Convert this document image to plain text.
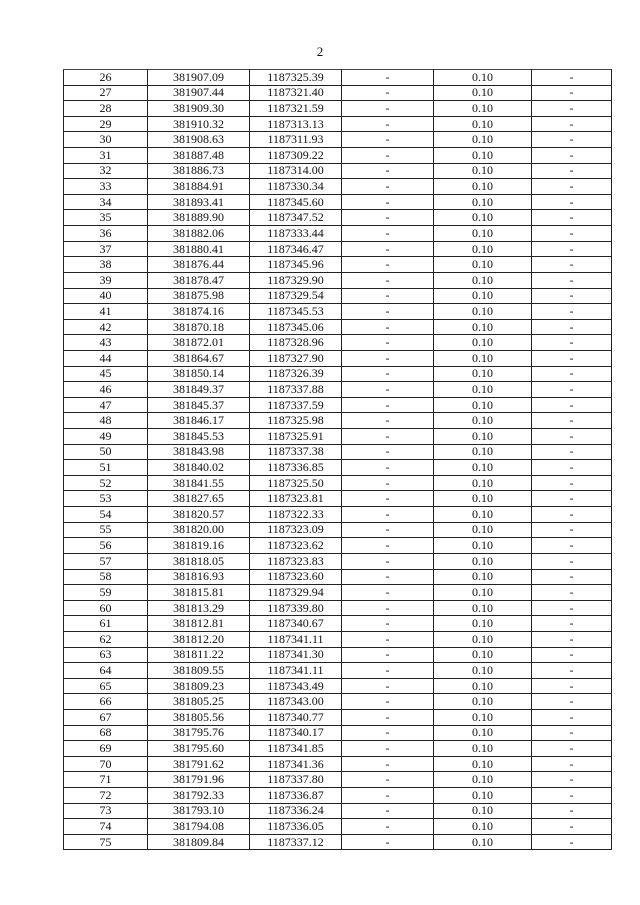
2
26	381907.09	1187325.39	-	0.10	-
27	381907.44	1187321.40	-	0.10	-
28	381909.30	1187321.59	-	0.10	-
29	381910.32	1187313.13	-	0.10	-
30	381908.63	1187311.93	-	0.10	-
31	381887.48	1187309.22	-	0.10	-
32	381886.73	1187314.00	-	0.10	-
33	381884.91	1187330.34	-	0.10	-
34	381893.41	1187345.60	-	0.10	-
35	381889.90	1187347.52	-	0.10	-
36	381882.06	1187333.44	-	0.10	-
37	381880.41	1187346.47	-	0.10	-
38	381876.44	1187345.96	-	0.10	-
39	381878.47	1187329.90	-	0.10	-
40	381875.98	1187329.54	-	0.10	-
41	381874.16	1187345.53	-	0.10	-
42	381870.18	1187345.06	-	0.10	-
43	381872.01	1187328.96	-	0.10	-
44	381864.67	1187327.90	-	0.10	-
45	381850.14	1187326.39	-	0.10	-
46	381849.37	1187337.88	-	0.10	-
47	381845.37	1187337.59	-	0.10	-
48	381846.17	1187325.98	-	0.10	-
49	381845.53	1187325.91	-	0.10	-
50	381843.98	1187337.38	-	0.10	-
51	381840.02	1187336.85	-	0.10	-
52	381841.55	1187325.50	-	0.10	-
53	381827.65	1187323.81	-	0.10	-
54	381820.57	1187322.33	-	0.10	-
55	381820.00	1187323.09	-	0.10	-
56	381819.16	1187323.62	-	0.10	-
57	381818.05	1187323.83	-	0.10	-
58	381816.93	1187323.60	-	0.10	-
59	381815.81	1187329.94	-	0.10	-
60	381813.29	1187339.80	-	0.10	-
61	381812.81	1187340.67	-	0.10	-
62	381812.20	1187341.11	-	0.10	-
63	381811.22	1187341.30	-	0.10	-
64	381809.55	1187341.11	-	0.10	-
65	381809.23	1187343.49	-	0.10	-
66	381805.25	1187343.00	-	0.10	-
67	381805.56	1187340.77	-	0.10	-
68	381795.76	1187340.17	-	0.10	-
69	381795.60	1187341.85	-	0.10	-
70	381791.62	1187341.36	-	0.10	-
71	381791.96	1187337.80	-	0.10	-
72	381792.33	1187336.87	-	0.10	-
73	381793.10	1187336.24	-	0.10	-
74	381794.08	1187336.05	-	0.10	-
75	381809.84	1187337.12	-	0.10	-
